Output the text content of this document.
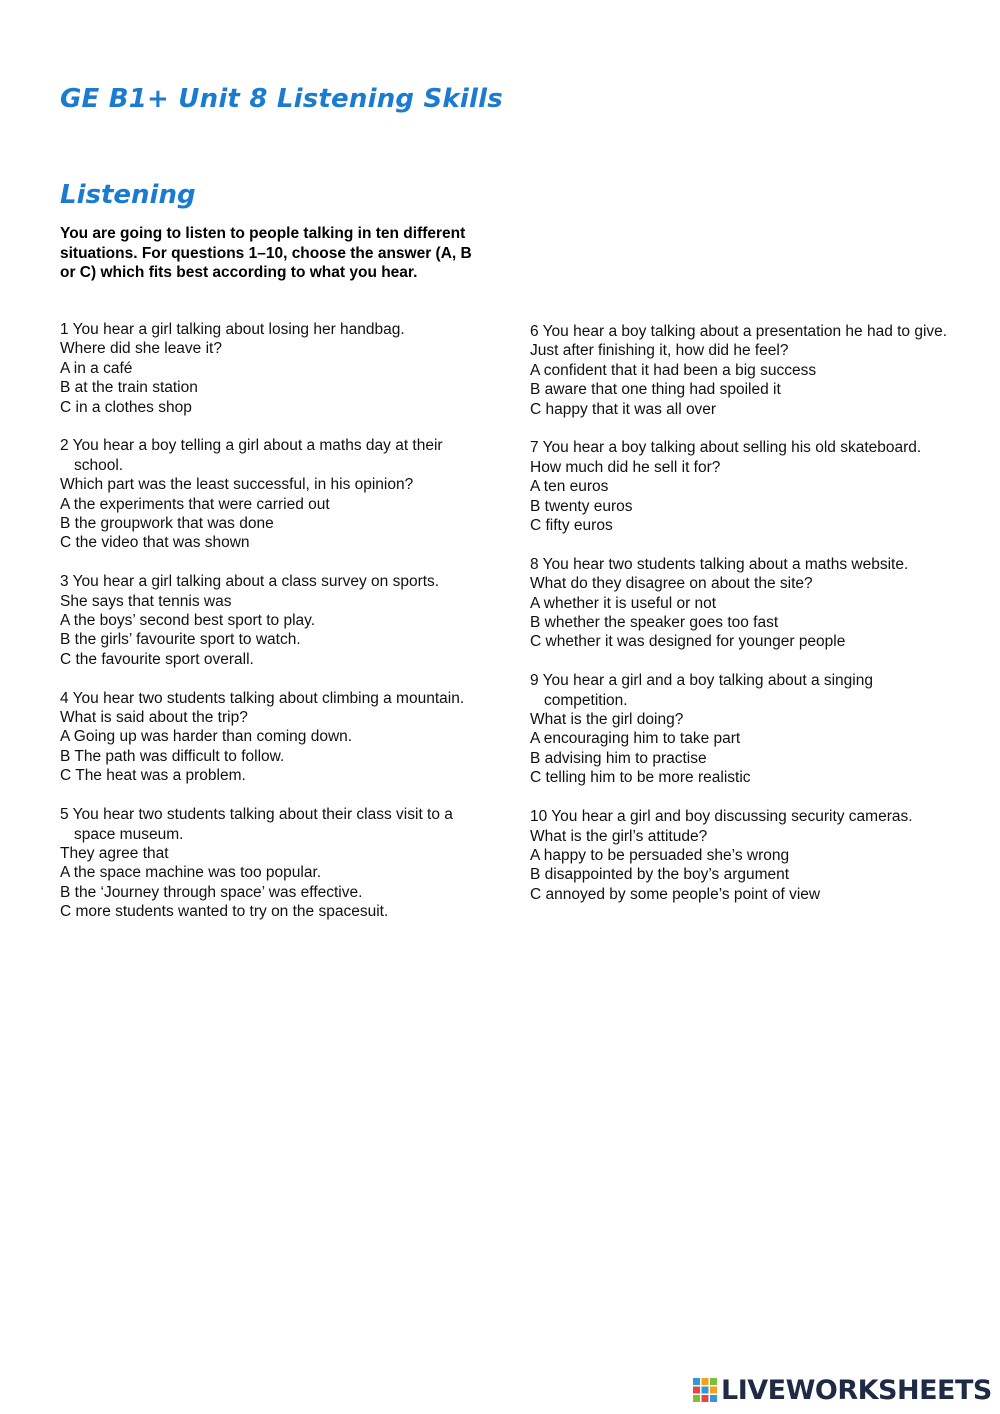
GE B1+ Unit 8 Listening Skills
Listening

You are going to listen to people talking in ten different situations. For questions 1–10, choose the answer (A, B or C) which fits best according to what you hear.

1 You hear a girl talking about losing her handbag.
Where did she leave it?
A in a café
B at the train station
C in a clothes shop
2 You hear a boy telling a girl about a maths day at their school.
Which part was the least successful, in his opinion?
A the experiments that were carried out
B the groupwork that was done
C the video that was shown
3 You hear a girl talking about a class survey on sports.
She says that tennis was
A the boys’ second best sport to play.
B the girls’ favourite sport to watch.
C the favourite sport overall.
4 You hear two students talking about climbing a mountain.
What is said about the trip?
A Going up was harder than coming down.
B The path was difficult to follow.
C The heat was a problem.
5 You hear two students talking about their class visit to a space museum.
They agree that
A the space machine was too popular.
B the ‘Journey through space’ was effective.
C more students wanted to try on the spacesuit.
6 You hear a boy talking about a presentation he had to give.
Just after finishing it, how did he feel?
A confident that it had been a big success
B aware that one thing had spoiled it
C happy that it was all over
7 You hear a boy talking about selling his old skateboard.
How much did he sell it for?
A ten euros
B twenty euros
C fifty euros
8 You hear two students talking about a maths website.
What do they disagree on about the site?
A whether it is useful or not
B whether the speaker goes too fast
C whether it was designed for younger people
9 You hear a girl and a boy talking about a singing competition.
What is the girl doing?
A encouraging him to take part
B advising him to practise
C telling him to be more realistic
10 You hear a girl and boy discussing security cameras.
What is the girl’s attitude?
A happy to be persuaded she’s wrong
B disappointed by the boy’s argument
C annoyed by some people’s point of view
LIVEWORKSHEETS
